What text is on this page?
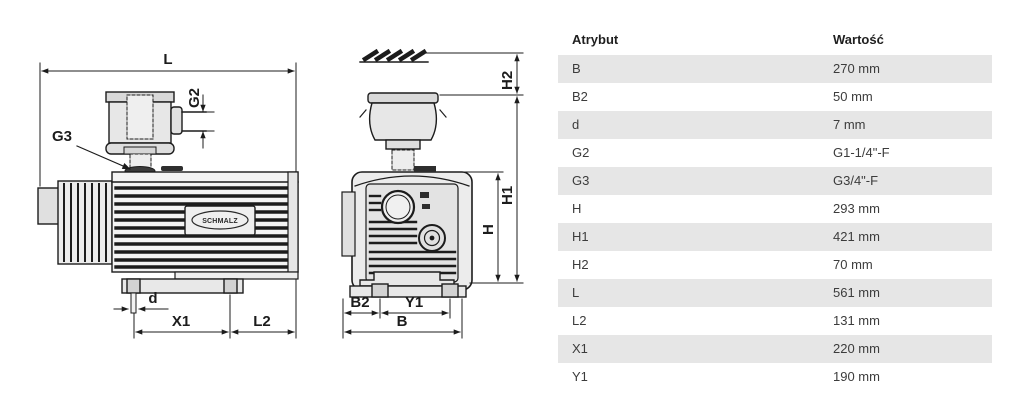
L
G2
G3
SCHMALZ
d
X1	L2
H2
H1
H
B2 Y1
B
Atrybut	Wartość
B	270 mm
B2	50 mm
d	7 mm
G2	G1-1/4"-F
G3	G3/4"-F
H	293 mm
H1	421 mm
H2	70 mm
L	561 mm
L2	131 mm
X1	220 mm
Y1	190 mm
